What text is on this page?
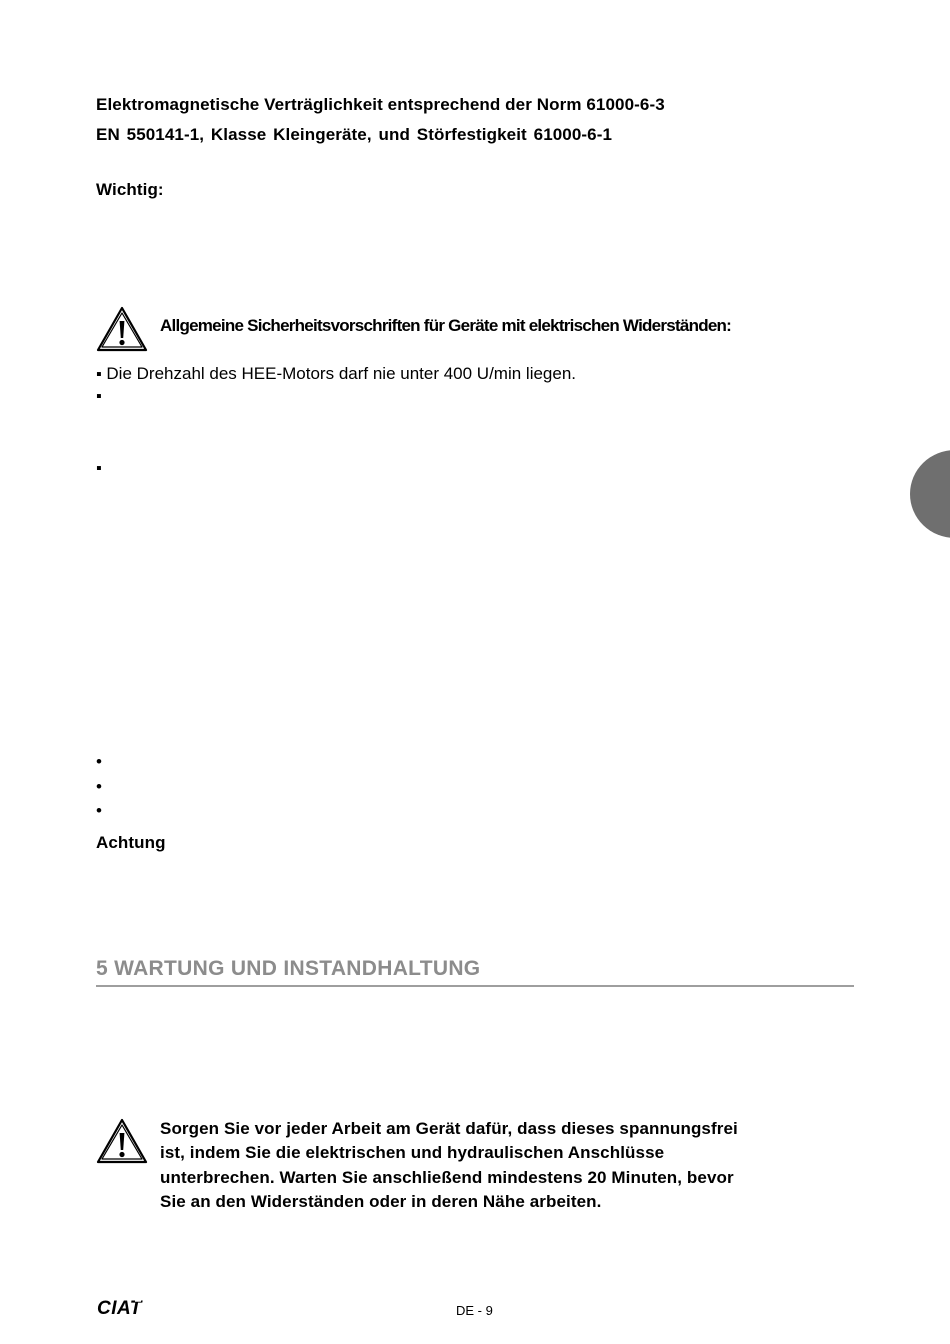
Elektromagnetische Verträglichkeit entsprechend der Norm 61000-6-3
EN 550141-1, Klasse Kleingeräte, und Störfestigkeit 61000-6-1
Wichtig:
Allgemeine Sicherheitsvorschriften für Geräte mit elektrischen Widerständen:
▪ Die Drehzahl des HEE-Motors darf nie unter 400 U/min liegen.
▪
▪
•
•
•
Achtung
5 WARTUNG UND INSTANDHALTUNG
Sorgen Sie vor jeder Arbeit am Gerät dafür, dass dieses spannungsfrei
ist, indem Sie die elektrischen und hydraulischen Anschlüsse
unterbrechen. Warten Sie anschließend mindestens 20 Minuten, bevor
Sie an den Widerständen oder in deren Nähe arbeiten.
CIAT	DE - 9
